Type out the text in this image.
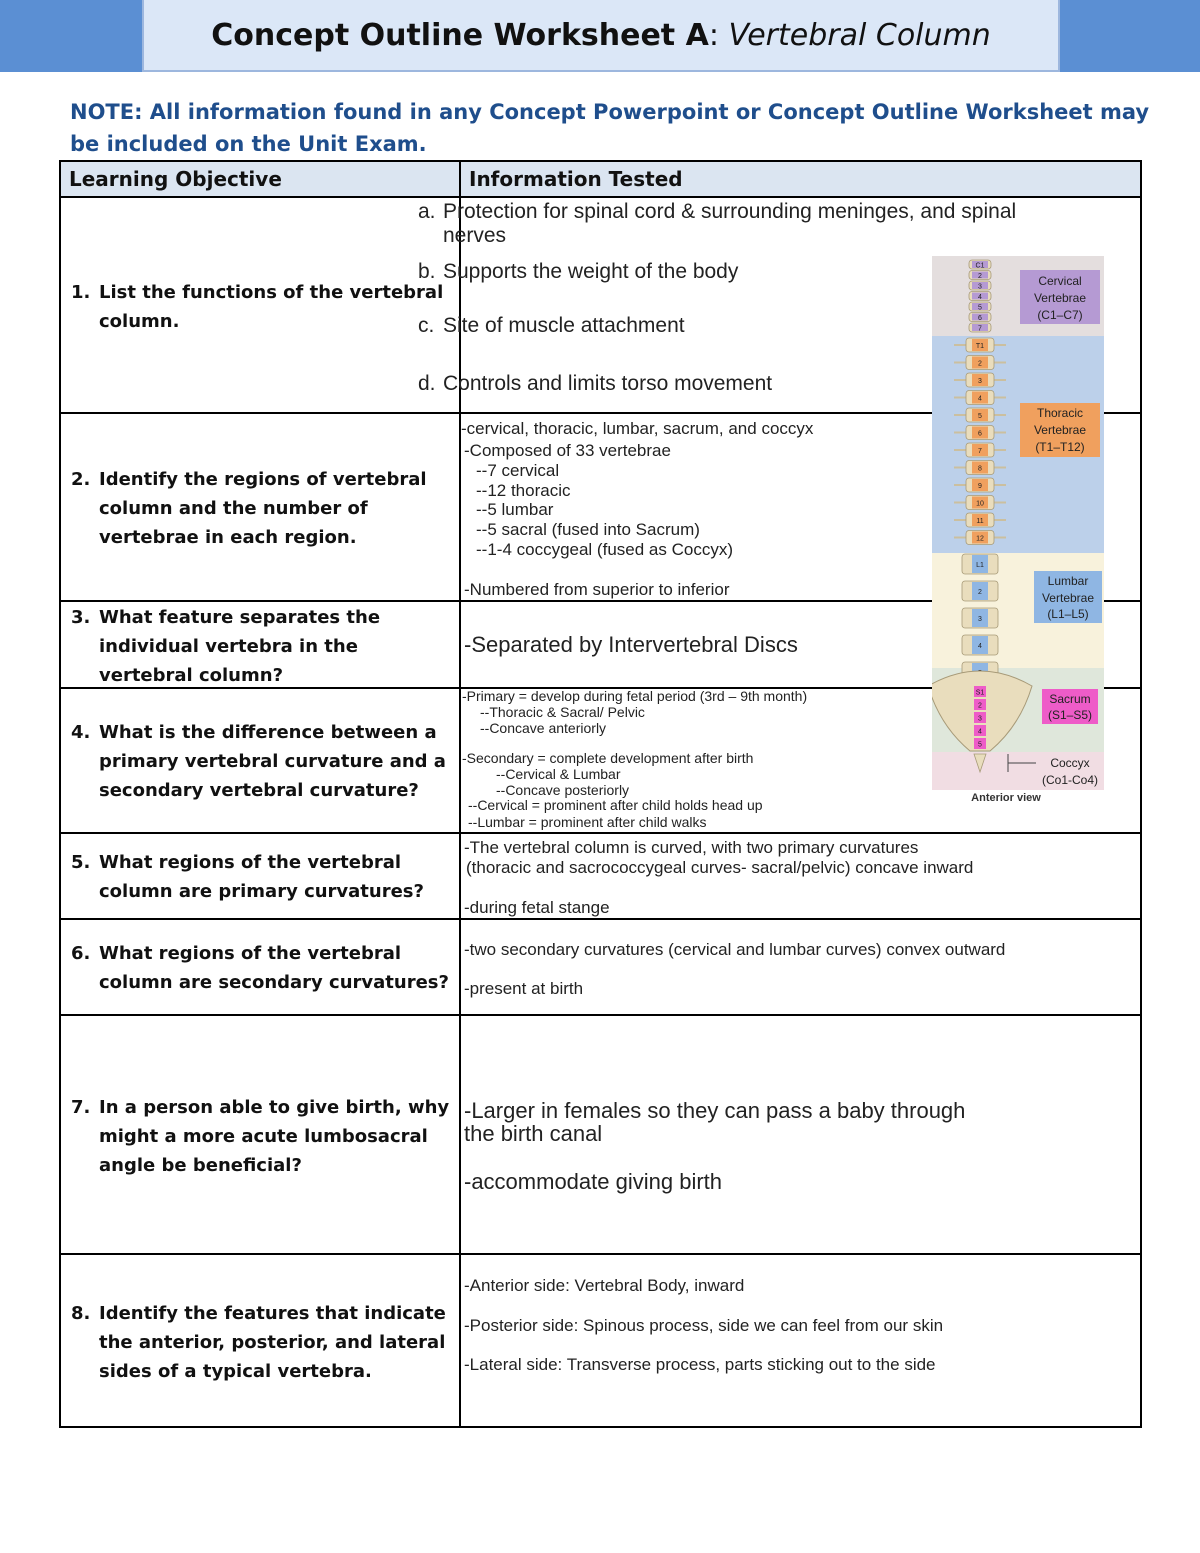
Concept Outline Worksheet A: Vertebral Column
NOTE: All information found in any Concept Powerpoint or Concept Outline Worksheet may be included on the Unit Exam.
Learning Objective	Information Tested
1. List the functions of the vertebral column.
2. Identify the regions of vertebral column and the number of vertebrae in each region.
3. What feature separates the individual vertebra in the vertebral column?
4. What is the difference between a primary vertebral curvature and a secondary vertebral curvature?
5. What regions of the vertebral column are primary curvatures?
6. What regions of the vertebral column are secondary curvatures?
7. In a person able to give birth, why might a more acute lumbosacral angle be beneficial?
8. Identify the features that indicate the anterior, posterior, and lateral sides of a typical vertebra.
a. Protection for spinal cord & surrounding meninges, and spinal nerves
b. Supports the weight of the body
c. Site of muscle attachment
d. Controls and limits torso movement
-cervical, thoracic, lumbar, sacrum, and coccyx
-Composed of 33 vertebrae
--7 cervical
--12 thoracic
--5 lumbar
--5 sacral (fused into Sacrum)
--1-4 coccygeal (fused as Coccyx)
-Numbered from superior to inferior
-Separated by Intervertebral Discs
-Primary = develop during fetal period (3rd – 9th month)
--Thoracic & Sacral/ Pelvic
--Concave anteriorly
-Secondary = complete development after birth
--Cervical & Lumbar
--Concave posteriorly
--Cervical = prominent after child holds head up
--Lumbar = prominent after child walks
-The vertebral column is curved, with two primary curvatures
(thoracic and sacrococcygeal curves- sacral/pelvic) concave inward
-during fetal stange
-two secondary curvatures (cervical and lumbar curves) convex outward
-present at birth
-Larger in females so they can pass a baby through
the birth canal
-accommodate giving birth
-Anterior side: Vertebral Body, inward
-Posterior side: Spinous process, side we can feel from our skin
-Lateral side: Transverse process, parts sticking out to the side
C1
2
3
4
5
6
7
T1
2
3
4
5
6
7
8
9
10
11
12
L1
2
3
4
S1
2
3
4
5
Cervical
Vertebrae
(C1–C7)
Thoracic
Vertebrae
(T1–T12)
Lumbar
Vertebrae
(L1–L5)
Sacrum
(S1–S5)
Coccyx
(Co1-Co4)
Anterior view
